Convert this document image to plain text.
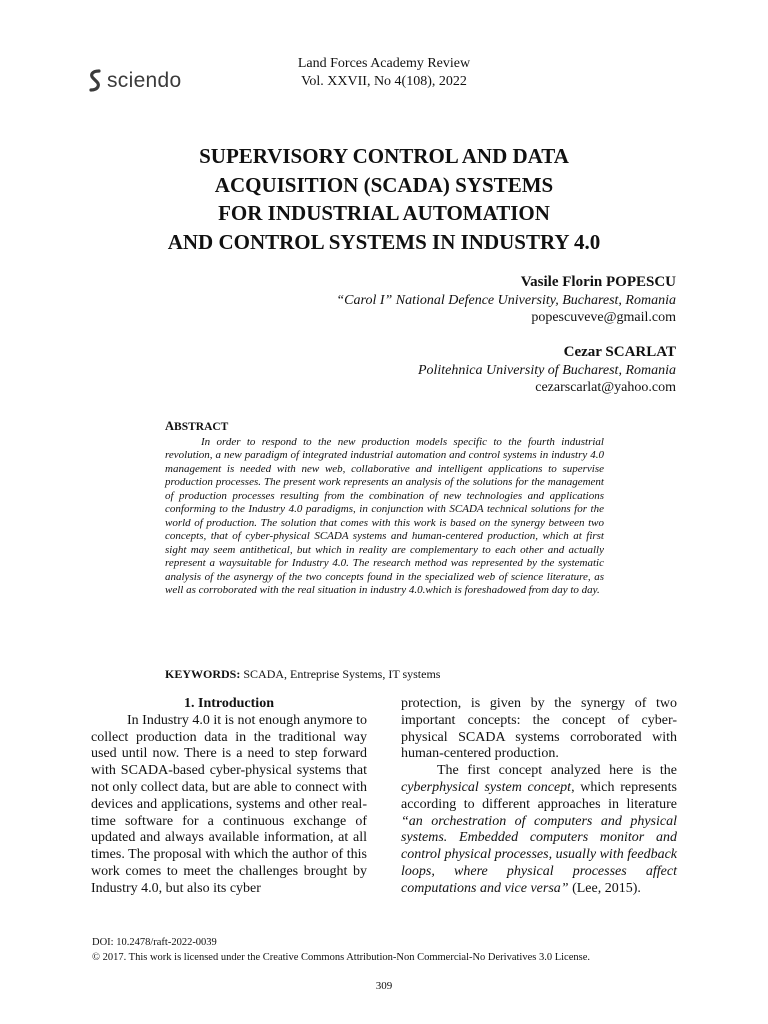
sciendo
Land Forces Academy Review
Vol. XXVII, No 4(108), 2022
SUPERVISORY CONTROL AND DATA
ACQUISITION (SCADA) SYSTEMS
FOR INDUSTRIAL AUTOMATION
AND CONTROL SYSTEMS IN INDUSTRY 4.0
Vasile Florin POPESCU
“Carol I” National Defence University, Bucharest, Romania
popescuveve@gmail.com
Cezar SCARLAT
Politehnica University of Bucharest, Romania
cezarscarlat@yahoo.com
ABSTRACT
In order to respond to the new production models specific to the fourth industrial revolution, a new paradigm of integrated industrial automation and control systems in industry 4.0 management is needed with new web, collaborative and intelligent applications to supervise production processes. The present work represents an analysis of the solutions for the management of production processes resulting from the combination of new technologies and applications conforming to the Industry 4.0 paradigms, in conjunction with SCADA technical solutions for the world of production. The solution that comes with this work is based on the synergy between two concepts, that of cyber-physical SCADA systems and human-centered production, which at first sight may seem antithetical, but which in reality are complementary to each other and actually represent a waysuitable for Industry 4.0. The research method was represented by the systematic analysis of the asynergy of the two concepts found in the specialized web of science literature, as well as corroborated with the real situation in industry 4.0.which is foreshadowed from day to day.
KEYWORDS: SCADA, Entreprise Systems, IT systems

1. Introduction

In Industry 4.0 it is not enough anymore to collect production data in the traditional way used until now. There is a need to step forward with SCADA-based cyber-physical systems that not only collect data, but are able to connect with devices and applications, systems and other real-time software for a continuous exchange of updated and always available information, at all times. The proposal with which the author of this work comes to meet the challenges brought by Industry 4.0, but also its cyber

protection, is given by the synergy of two important concepts: the concept of cyber-physical SCADA systems corroborated with human-centered production.

The first concept analyzed here is the cyberphysical system concept, which represents according to different approaches in literature “an orchestration of computers and physical systems. Embedded computers monitor and control physical processes, usually with feedback loops, where physical processes affect computations and vice versa” (Lee, 2015).

DOI: 10.2478/raft-2022-0039
© 2017. This work is licensed under the Creative Commons Attribution-Non Commercial-No Derivatives 3.0 License.
309
